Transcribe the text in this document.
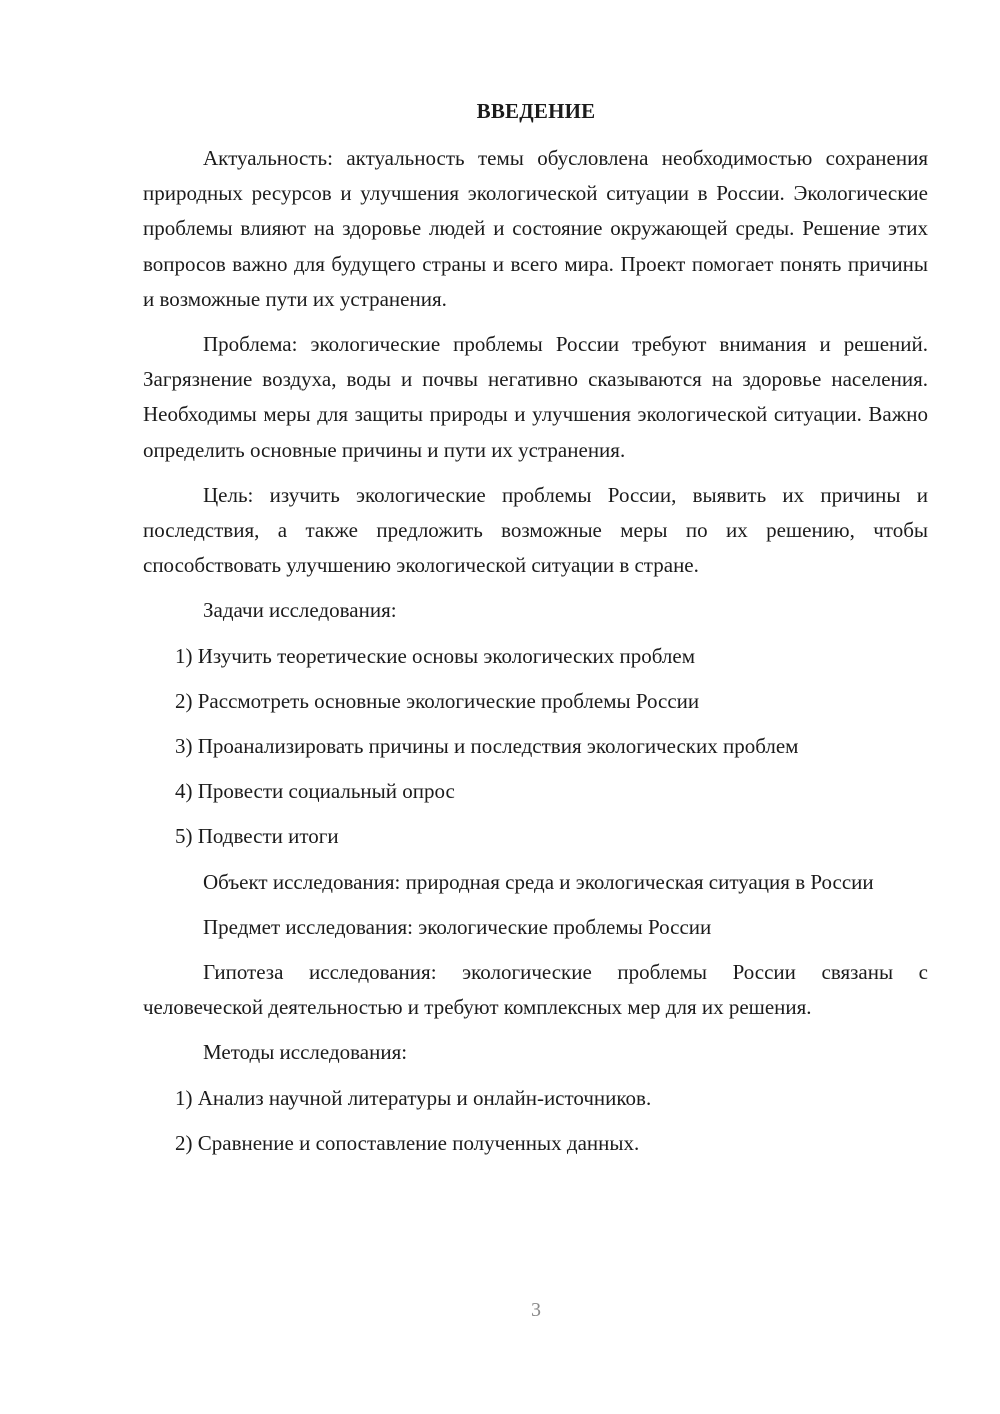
ВВЕДЕНИЕ

Актуальность: актуальность темы обусловлена необходимостью сохранения природных ресурсов и улучшения экологической ситуации в России. Экологические проблемы влияют на здоровье людей и состояние окружающей среды. Решение этих вопросов важно для будущего страны и всего мира. Проект помогает понять причины и возможные пути их устранения.

Проблема: экологические проблемы России требуют внимания и решений. Загрязнение воздуха, воды и почвы негативно сказываются на здоровье населения. Необходимы меры для защиты природы и улучшения экологической ситуации. Важно определить основные причины и пути их устранения.

Цель: изучить экологические проблемы России, выявить их причины и последствия, а также предложить возможные меры по их решению, чтобы способствовать улучшению экологической ситуации в стране.

Задачи исследования:

1) Изучить теоретические основы экологических проблем
2) Рассмотреть основные экологические проблемы России
3) Проанализировать причины и последствия экологических проблем
4) Провести социальный опрос
5) Подвести итоги

Объект исследования: природная среда и экологическая ситуация в России

Предмет исследования: экологические проблемы России

Гипотеза исследования: экологические проблемы России связаны с человеческой деятельностью и требуют комплексных мер для их решения.

Методы исследования:

1) Анализ научной литературы и онлайн-источников.
2) Сравнение и сопоставление полученных данных.
3
